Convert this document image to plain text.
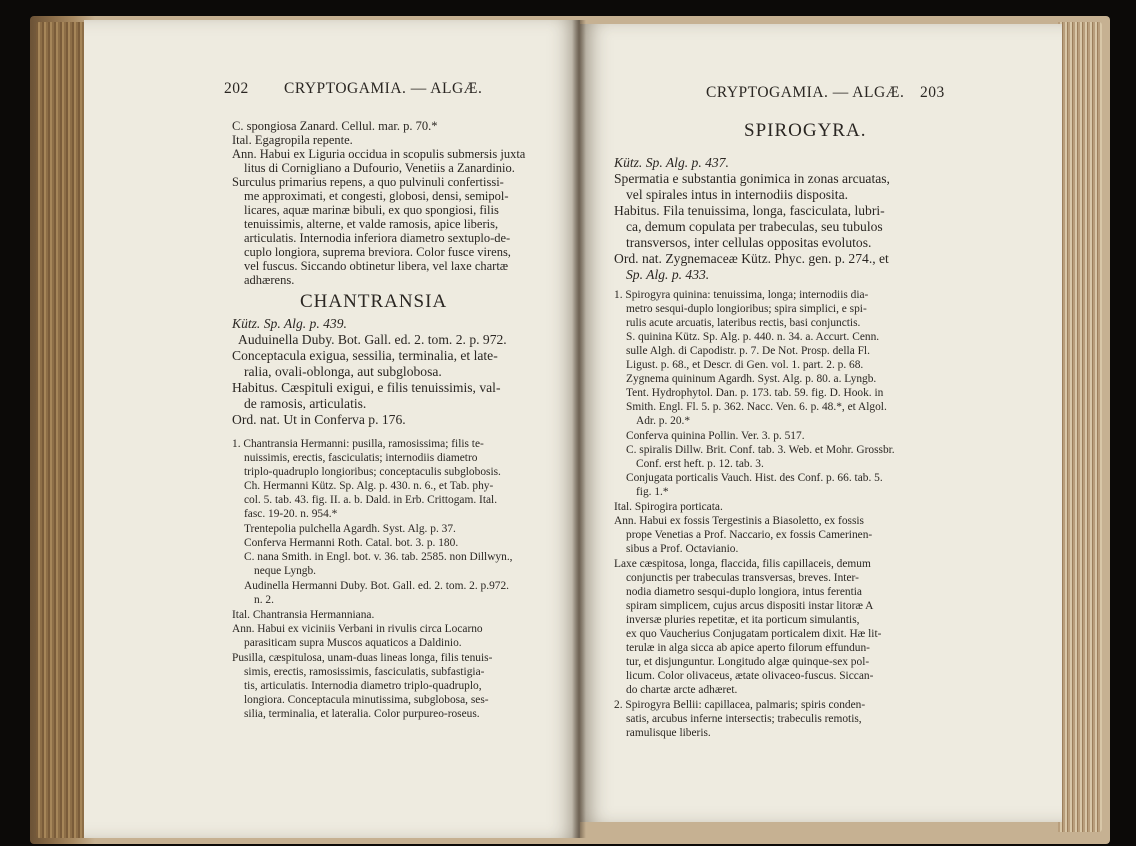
202 CRYPTOGAMIA. — ALGÆ.
C. spongiosa Zanard. Cellul. mar. p. 70.*
Ital. Egagropila repente.
Ann. Habui ex Liguria occidua in scopulis submersis juxta
litus di Cornigliano a Dufourio, Venetiis a Zanardinio.
Surculus primarius repens, a quo pulvinuli confertissi-
me approximati, et congesti, globosi, densi, semipol-
licares, aquæ marinæ bibuli, ex quo spongiosi, filis
tenuissimis, alterne, et valde ramosis, apice liberis,
articulatis. Internodia inferiora diametro sextuplo-de-
cuplo longiora, suprema breviora. Color fusce virens,
vel fuscus. Siccando obtinetur libera, vel laxe chartæ
adhærens.
CHANTRANSIA
Kütz. Sp. Alg. p. 439.
Auduinella Duby. Bot. Gall. ed. 2. tom. 2. p. 972.
Conceptacula exigua, sessilia, terminalia, et late-
ralia, ovali-oblonga, aut subglobosa.
Habitus. Cæspituli exigui, e filis tenuissimis, val-
de ramosis, articulatis.
Ord. nat. Ut in Conferva p. 176.
1. Chantransia Hermanni: pusilla, ramosissima; filis te-
nuissimis, erectis, fasciculatis; internodiis diametro
triplo-quadruplo longioribus; conceptaculis subglobosis.
Ch. Hermanni Kütz. Sp. Alg. p. 430. n. 6., et Tab. phy-
col. 5. tab. 43. fig. II. a. b. Dald. in Erb. Crittogam. Ital.
fasc. 19-20. n. 954.*
Trentepolia pulchella Agardh. Syst. Alg. p. 37.
Conferva Hermanni Roth. Catal. bot. 3. p. 180.
C. nana Smith. in Engl. bot. v. 36. tab. 2585. non Dillwyn.,
neque Lyngb.
Audinella Hermanni Duby. Bot. Gall. ed. 2. tom. 2. p.972.
n. 2.
Ital. Chantransia Hermanniana.
Ann. Habui ex viciniis Verbani in rivulis circa Locarno
parasiticam supra Muscos aquaticos a Daldinio.
Pusilla, cæspitulosa, unam-duas lineas longa, filis tenuis-
simis, erectis, ramosissimis, fasciculatis, subfastigia-
tis, articulatis. Internodia diametro triplo-quadruplo,
longiora. Conceptacula minutissima, subglobosa, ses-
silia, terminalia, et lateralia. Color purpureo-roseus.
CRYPTOGAMIA. — ALGÆ. 203
SPIROGYRA.
Kütz. Sp. Alg. p. 437.
Spermatia e substantia gonimica in zonas arcuatas,
vel spirales intus in internodiis disposita.
Habitus. Fila tenuissima, longa, fasciculata, lubri-
ca, demum copulata per trabeculas, seu tubulos
transversos, inter cellulas oppositas evolutos.
Ord. nat. Zygnemaceæ Kütz. Phyc. gen. p. 274., et
Sp. Alg. p. 433.
1. Spirogyra quinina: tenuissima, longa; internodiis dia-
metro sesqui-duplo longioribus; spira simplici, e spi-
rulis acute arcuatis, lateribus rectis, basi conjunctis.
S. quinina Kütz. Sp. Alg. p. 440. n. 34. a. Accurt. Cenn.
sulle Algh. di Capodistr. p. 7. De Not. Prosp. della Fl.
Ligust. p. 68., et Descr. di Gen. vol. 1. part. 2. p. 68.
Zygnema quininum Agardh. Syst. Alg. p. 80. a. Lyngb.
Tent. Hydrophytol. Dan. p. 173. tab. 59. fig. D. Hook. in
Smith. Engl. Fl. 5. p. 362. Nacc. Ven. 6. p. 48.*, et Algol.
Adr. p. 20.*
Conferva quinina Pollin. Ver. 3. p. 517.
C. spiralis Dillw. Brit. Conf. tab. 3. Web. et Mohr. Grossbr.
Conf. erst heft. p. 12. tab. 3.
Conjugata porticalis Vauch. Hist. des Conf. p. 66. tab. 5.
fig. 1.*
Ital. Spirogira porticata.
Ann. Habui ex fossis Tergestinis a Biasoletto, ex fossis
prope Venetias a Prof. Naccario, ex fossis Camerinen-
sibus a Prof. Octavianio.
Laxe cæspitosa, longa, flaccida, filis capillaceis, demum
conjunctis per trabeculas transversas, breves. Inter-
nodia diametro sesqui-duplo longiora, intus ferentia
spiram simplicem, cujus arcus dispositi instar litoræ A
inversæ pluries repetitæ, et ita porticum simulantis,
ex quo Vaucherius Conjugatam porticalem dixit. Hæ lit-
terulæ in alga sicca ab apice aperto filorum effundun-
tur, et disjunguntur. Longitudo algæ quinque-sex pol-
licum. Color olivaceus, ætate olivaceo-fuscus. Siccan-
do chartæ arcte adhæret.
2. Spirogyra Bellii: capillacea, palmaris; spiris conden-
satis, arcubus inferne intersectis; trabeculis remotis,
ramulisque liberis.
